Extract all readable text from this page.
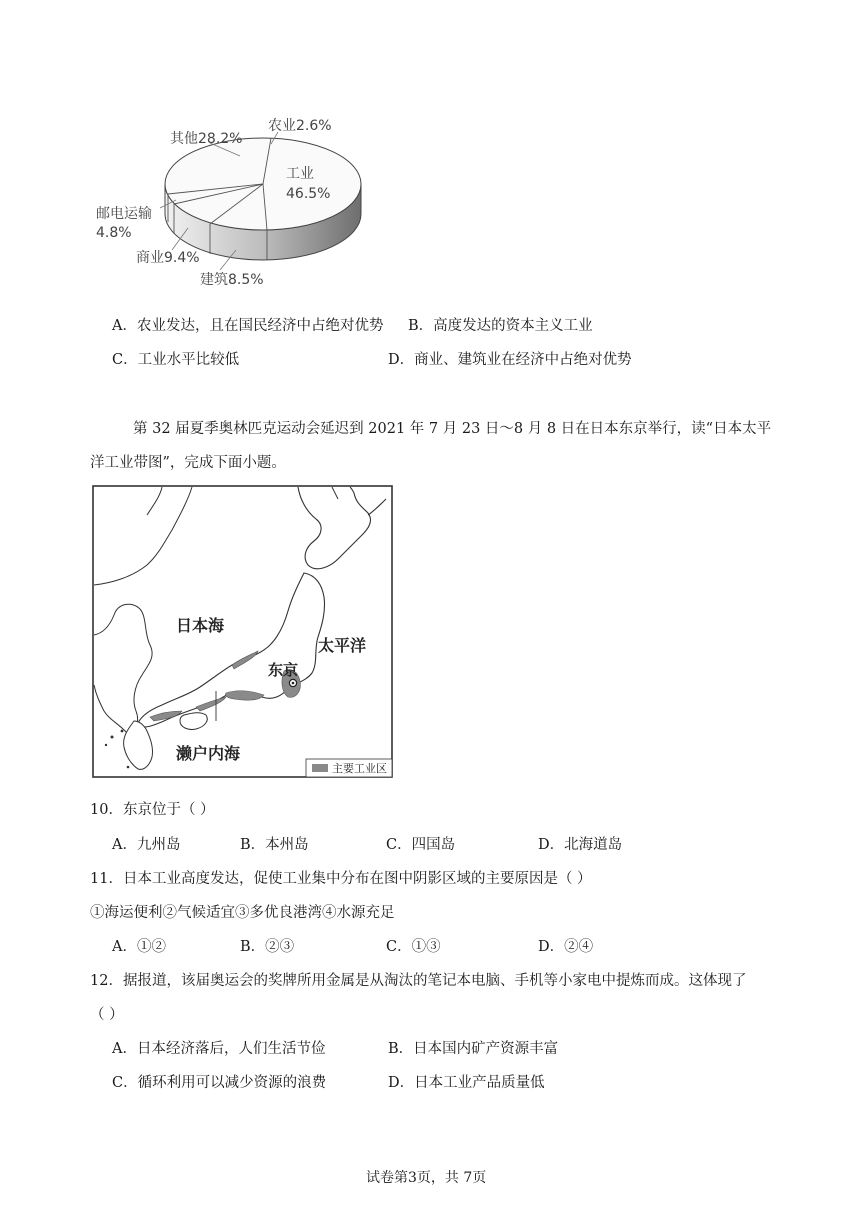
其他28.2%
农业2.6%
工业
46.5%
邮电运输
4.8%
商业9.4%
建筑8.5%
A．农业发达，且在国民经济中占绝对优势 B．高度发达的资本主义工业
C．工业水平比较低	D．商业、建筑业在经济中占绝对优势
第 32 届夏季奥林匹克运动会延迟到 2021 年 7 月 23 日～8 月 8 日在日本东京举行，读“日本太平
洋工业带图”，完成下面小题。
日本海
太平洋
东京
濑户内海
主要工业区
10．东京位于（ ）
A．九州岛	B．本州岛	C．四国岛	D．北海道岛
11．日本工业高度发达，促使工业集中分布在图中阴影区域的主要原因是（ ）
①海运便利②气候适宜③多优良港湾④水源充足
A．①②	B．②③	C．①③	D．②④
12．据报道，该届奥运会的奖牌所用金属是从淘汰的笔记本电脑、手机等小家电中提炼而成。这体现了
（ ）
A．日本经济落后，人们生活节俭	B．日本国内矿产资源丰富
C．循环利用可以减少资源的浪费	D．日本工业产品质量低
试卷第3页，共 7页
